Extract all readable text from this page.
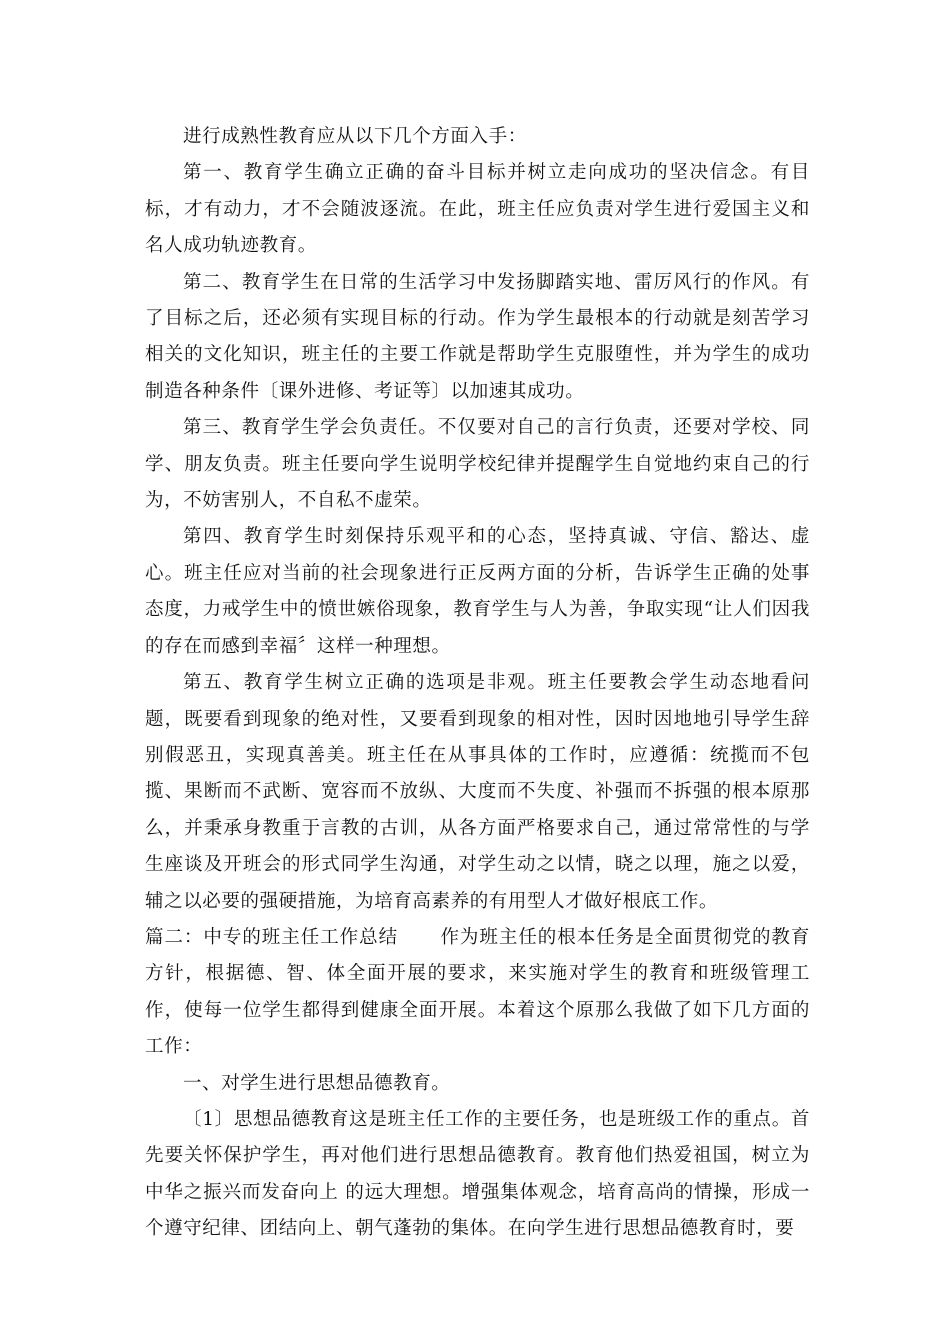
进行成熟性教育应从以下几个方面入手：

第一、教育学生确立正确的奋斗目标并树立走向成功的坚决信念。有目标，才有动力，才不会随波逐流。在此，班主任应负责对学生进行爱国主义和名人成功轨迹教育。

第二、教育学生在日常的生活学习中发扬脚踏实地、雷厉风行的作风。有了目标之后，还必须有实现目标的行动。作为学生最根本的行动就是刻苦学习相关的文化知识，班主任的主要工作就是帮助学生克服堕性，并为学生的成功制造各种条件〔课外进修、考证等〕以加速其成功。

第三、教育学生学会负责任。不仅要对自己的言行负责，还要对学校、同学、朋友负责。班主任要向学生说明学校纪律并提醒学生自觉地约束自己的行为，不妨害别人，不自私不虚荣。

第四、教育学生时刻保持乐观平和的心态，坚持真诚、守信、豁达、虚心。班主任应对当前的社会现象进行正反两方面的分析，告诉学生正确的处事态度，力戒学生中的愤世嫉俗现象，教育学生与人为善，争取实现“让人们因我的存在而感到幸福〞这样一种理想。

第五、教育学生树立正确的选项是非观。班主任要教会学生动态地看问题，既要看到现象的绝对性，又要看到现象的相对性，因时因地地引导学生辞别假恶丑，实现真善美。班主任在从事具体的工作时，应遵循：统揽而不包揽、果断而不武断、宽容而不放纵、大度而不失度、补强而不拆强的根本原那么，并秉承身教重于言教的古训，从各方面严格要求自己，通过常常性的与学生座谈及开班会的形式同学生沟通，对学生动之以情，晓之以理，施之以爱，辅之以必要的强硬措施，为培育高素养的有用型人才做好根底工作。

篇二：中专的班主任工作总结 作为班主任的根本任务是全面贯彻党的教育方针，根据德、智、体全面开展的要求，来实施对学生的教育和班级管理工作，使每一位学生都得到健康全面开展。本着这个原那么我做了如下几方面的工作：

一、对学生进行思想品德教育。

〔1〕思想品德教育这是班主任工作的主要任务，也是班级工作的重点。首先要关怀保护学生，再对他们进行思想品德教育。教育他们热爱祖国，树立为中华之振兴而发奋向上 的远大理想。增强集体观念，培育高尚的情操，形成一个遵守纪律、团结向上、朝气蓬勃的集体。在向学生进行思想品德教育时，要
